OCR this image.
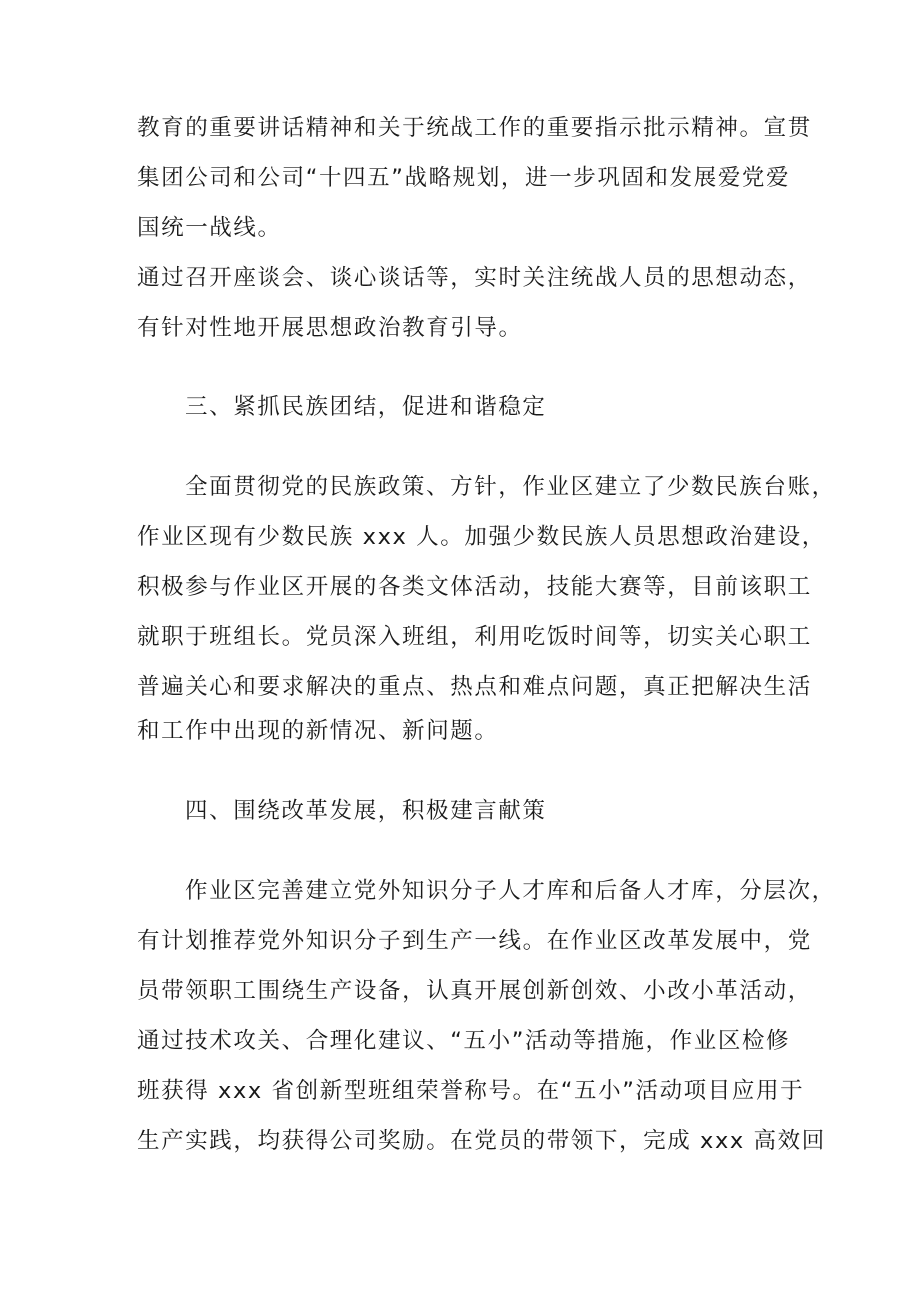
教育的重要讲话精神和关于统战工作的重要指示批示精神。宣贯
集团公司和公司“十四五”战略规划，进一步巩固和发展爱党爱
国统一战线。
通过召开座谈会、谈心谈话等，实时关注统战人员的思想动态，
有针对性地开展思想政治教育引导。
三、紧抓民族团结，促进和谐稳定
全面贯彻党的民族政策、方针，作业区建立了少数民族台账，
作业区现有少数民族 xxx 人。加强少数民族人员思想政治建设，
积极参与作业区开展的各类文体活动，技能大赛等，目前该职工
就职于班组长。党员深入班组，利用吃饭时间等，切实关心职工
普遍关心和要求解决的重点、热点和难点问题，真正把解决生活
和工作中出现的新情况、新问题。
四、围绕改革发展，积极建言献策
作业区完善建立党外知识分子人才库和后备人才库，分层次，
有计划推荐党外知识分子到生产一线。在作业区改革发展中，党
员带领职工围绕生产设备，认真开展创新创效、小改小革活动，
通过技术攻关、合理化建议、“五小”活动等措施，作业区检修
班获得 xxx 省创新型班组荣誉称号。在“五小”活动项目应用于
生产实践，均获得公司奖励。在党员的带领下，完成 xxx 高效回
